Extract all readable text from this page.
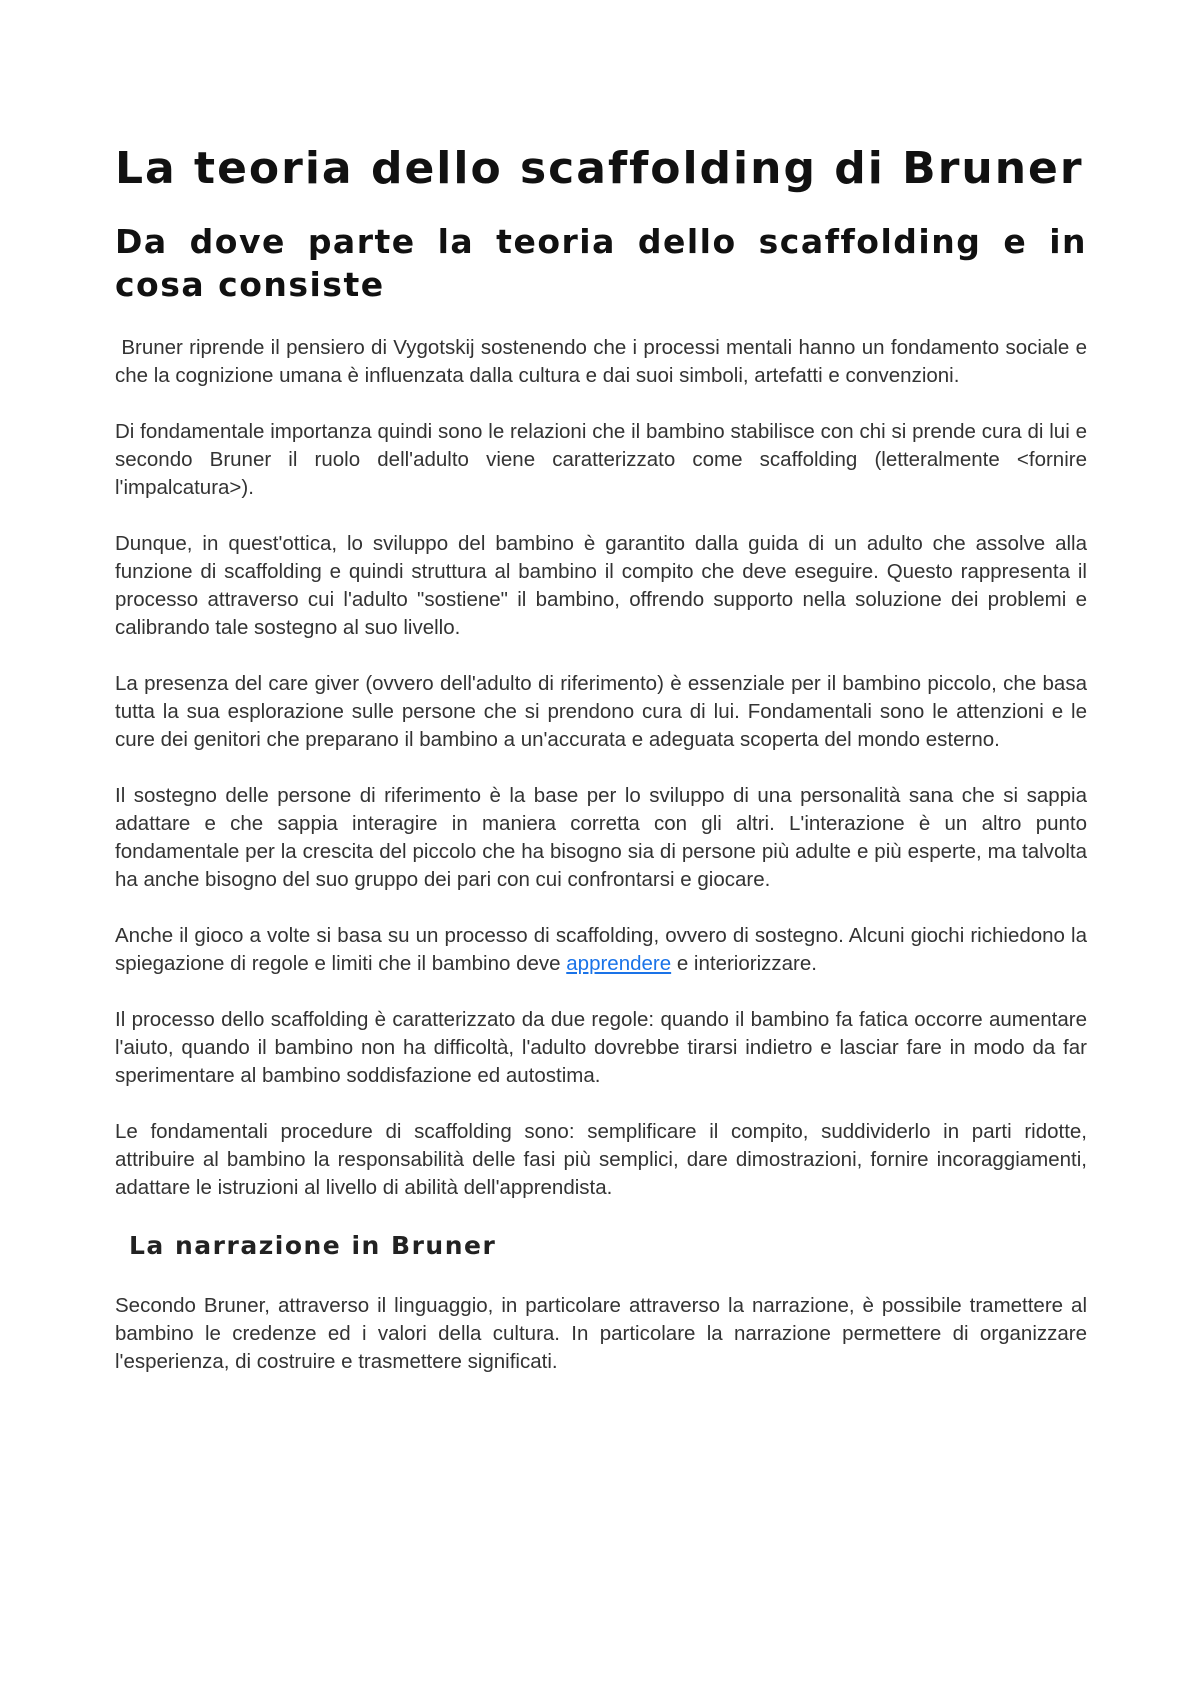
La teoria dello scaffolding di Bruner
Da dove parte la teoria dello scaffolding e in cosa consiste

Bruner riprende il pensiero di Vygotskij sostenendo che i processi mentali hanno un fondamento sociale e che la cognizione umana è influenzata dalla cultura e dai suoi simboli, artefatti e convenzioni.

Di fondamentale importanza quindi sono le relazioni che il bambino stabilisce con chi si prende cura di lui e secondo Bruner il ruolo dell'adulto viene caratterizzato come scaffolding (letteralmente <fornire l'impalcatura>).

Dunque, in quest'ottica, lo sviluppo del bambino è garantito dalla guida di un adulto che assolve alla funzione di scaffolding e quindi struttura al bambino il compito che deve eseguire. Questo rappresenta il processo attraverso cui l'adulto "sostiene" il bambino, offrendo supporto nella soluzione dei problemi e calibrando tale sostegno al suo livello.

La presenza del care giver (ovvero dell'adulto di riferimento) è essenziale per il bambino piccolo, che basa tutta la sua esplorazione sulle persone che si prendono cura di lui. Fondamentali sono le attenzioni e le cure dei genitori che preparano il bambino a un'accurata e adeguata scoperta del mondo esterno.

Il sostegno delle persone di riferimento è la base per lo sviluppo di una personalità sana che si sappia adattare e che sappia interagire in maniera corretta con gli altri. L'interazione è un altro punto fondamentale per la crescita del piccolo che ha bisogno sia di persone più adulte e più esperte, ma talvolta ha anche bisogno del suo gruppo dei pari con cui confrontarsi e giocare.

Anche il gioco a volte si basa su un processo di scaffolding, ovvero di sostegno. Alcuni giochi richiedono la spiegazione di regole e limiti che il bambino deve apprendere e interiorizzare.

Il processo dello scaffolding è caratterizzato da due regole: quando il bambino fa fatica occorre aumentare l'aiuto, quando il bambino non ha difficoltà, l'adulto dovrebbe tirarsi indietro e lasciar fare in modo da far sperimentare al bambino soddisfazione ed autostima.

Le fondamentali procedure di scaffolding sono: semplificare il compito, suddividerlo in parti ridotte, attribuire al bambino la responsabilità delle fasi più semplici, dare dimostrazioni, fornire incoraggiamenti, adattare le istruzioni al livello di abilità dell'apprendista.

La narrazione in Bruner

Secondo Bruner, attraverso il linguaggio, in particolare attraverso la narrazione, è possibile tramettere al bambino le credenze ed i valori della cultura. In particolare la narrazione permettere di organizzare l'esperienza, di costruire e trasmettere significati.
